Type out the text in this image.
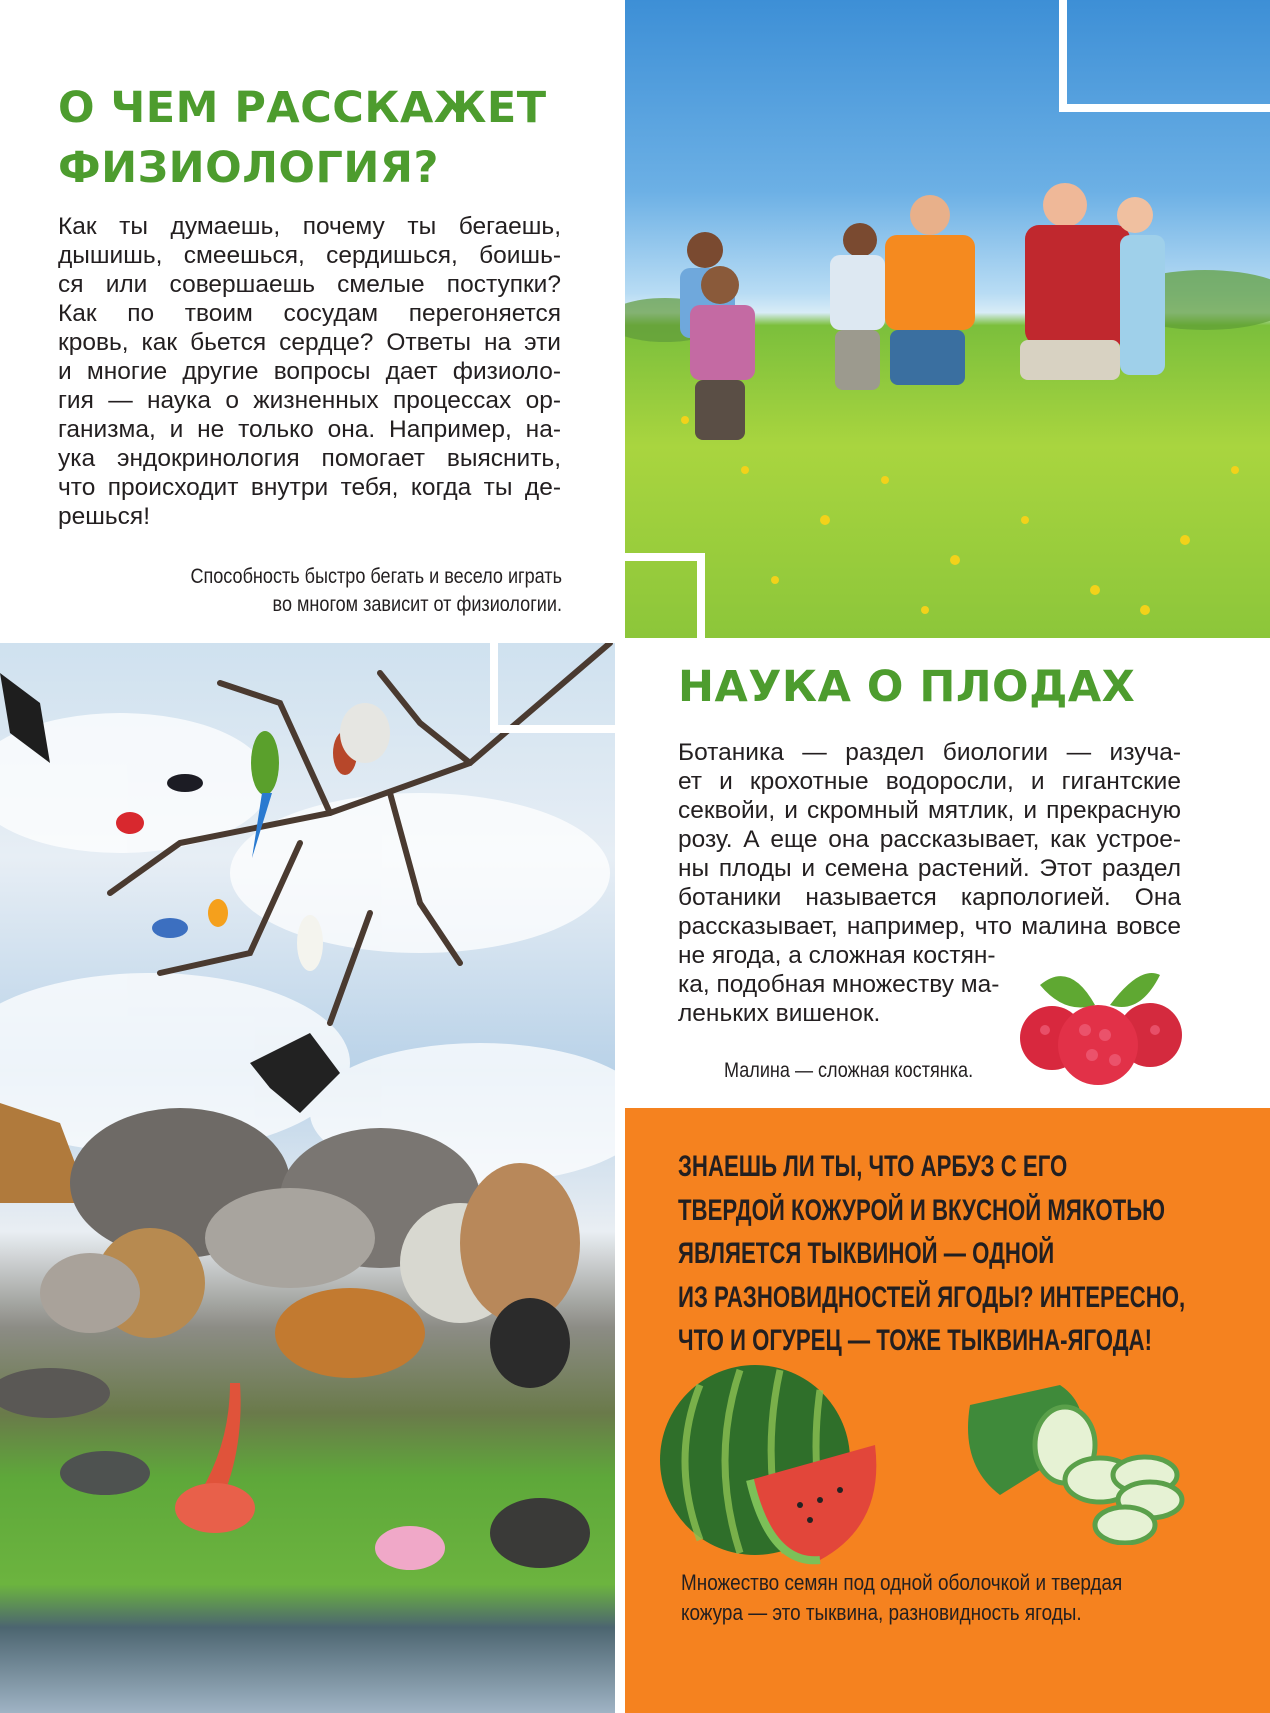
О ЧЕМ РАССКАЖЕТ
ФИЗИОЛОГИЯ?
Как ты думаешь, почему ты бегаешь,
дышишь, смеешься, сердишься, боишь-
ся или совершаешь смелые поступки?
Как по твоим сосудам перегоняется
кровь, как бьется сердце? Ответы на эти
и многие другие вопросы дает физиоло-
гия — наука о жизненных процессах ор-
ганизма, и не только она. Например, на-
ука эндокринология помогает выяснить,
что происходит внутри тебя, когда ты де-
решься!
Способность быстро бегать и весело играть
во многом зависит от физиологии.
НАУКА О ПЛОДАХ
Ботаника — раздел биологии — изуча-
ет и крохотные водоросли, и гигантские
секвойи, и скромный мятлик, и прекрасную
розу. А еще она рассказывает, как устрое-
ны плоды и семена растений. Этот раздел
ботаники называется карпологией. Она
рассказывает, например, что малина вовсе
не ягода, а сложная костян-
ка, подобная множеству ма-
леньких вишенок.
Малина — сложная костянка.
ЗНАЕШЬ ЛИ ТЫ, ЧТО АРБУЗ С ЕГО
ТВЕРДОЙ КОЖУРОЙ И ВКУСНОЙ МЯКОТЬЮ
ЯВЛЯЕТСЯ ТЫКВИНОЙ — ОДНОЙ
ИЗ РАЗНОВИДНОСТЕЙ ЯГОДЫ? ИНТЕРЕСНО,
ЧТО И ОГУРЕЦ — ТОЖЕ ТЫКВИНА-ЯГОДА!
Множество семян под одной оболочкой и твердая
кожура — это тыквина, разновидность ягоды.
